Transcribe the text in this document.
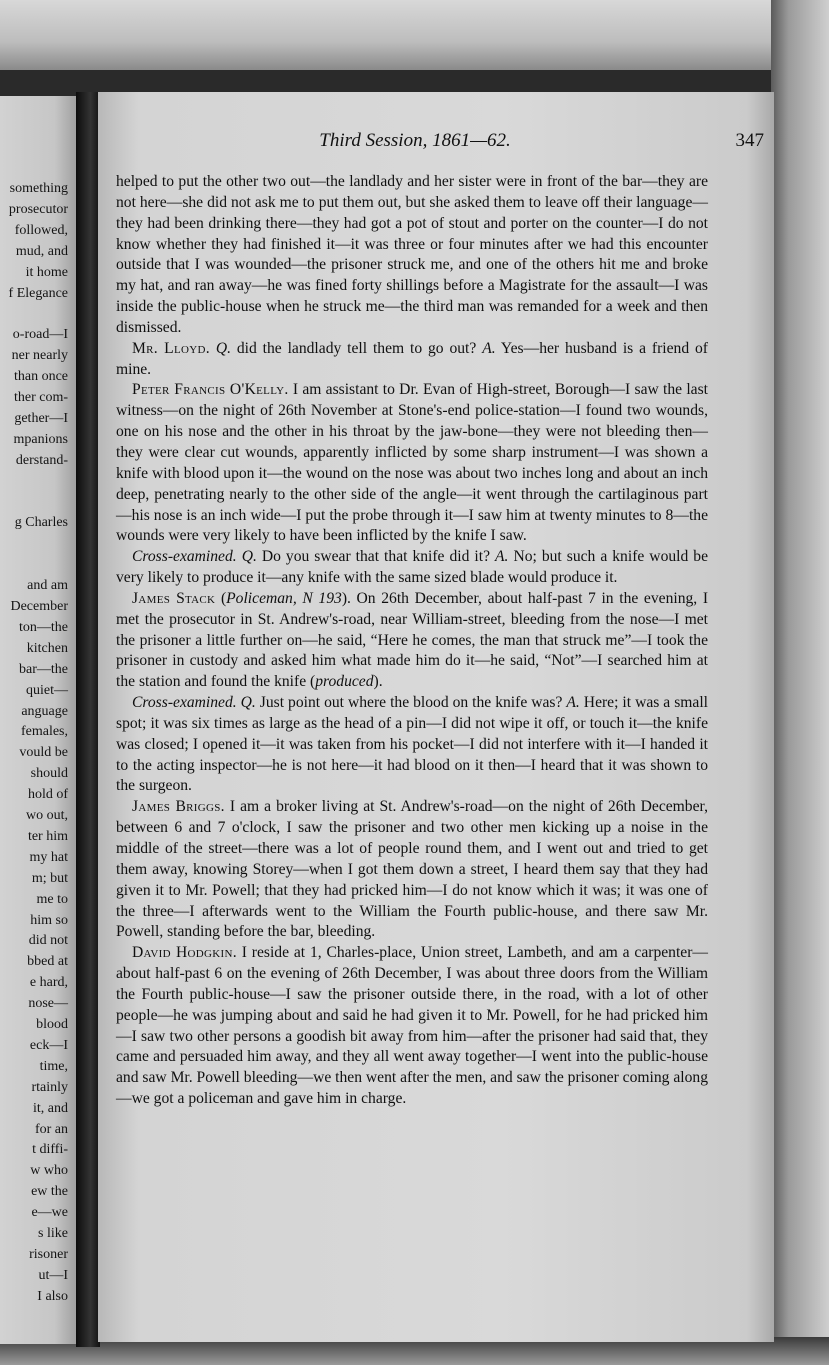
something
prosecutor
followed,
mud, and
it home
f Elegance
o-road—I
ner nearly
than once
ther com-
gether—I
mpanions
derstand-
g Charles
and am
December
ton—the
kitchen
bar—the
quiet—
anguage
females,
vould be
should
hold of
wo out,
ter him
my hat
m; but
me to
him so
did not
bbed at
e hard,
nose—
blood
eck—I
time,
rtainly
it, and
for an
t diffi-
w who
ew the
e—we
s like
risoner
ut—I
I also
Third Session, 1861—62.	347

helped to put the other two out—the landlady and her sister were in front of the bar—they are not here—she did not ask me to put them out, but she asked them to leave off their language—they had been drinking there—they had got a pot of stout and porter on the counter—I do not know whether they had finished it—it was three or four minutes after we had this encounter outside that I was wounded—the prisoner struck me, and one of the others hit me and broke my hat, and ran away—he was fined forty shillings before a Magistrate for the assault—I was inside the public-house when he struck me—the third man was remanded for a week and then dismissed.

Mr. Lloyd. Q. did the landlady tell them to go out? A. Yes—her husband is a friend of mine.

Peter Francis O'Kelly. I am assistant to Dr. Evan of High-street, Borough—I saw the last witness—on the night of 26th November at Stone's-end police-station—I found two wounds, one on his nose and the other in his throat by the jaw-bone—they were not bleeding then—they were clear cut wounds, apparently inflicted by some sharp instrument—I was shown a knife with blood upon it—the wound on the nose was about two inches long and about an inch deep, penetrating nearly to the other side of the angle—it went through the cartilaginous part—his nose is an inch wide—I put the probe through it—I saw him at twenty minutes to 8—the wounds were very likely to have been inflicted by the knife I saw.

Cross-examined. Q. Do you swear that that knife did it? A. No; but such a knife would be very likely to produce it—any knife with the same sized blade would produce it.

James Stack (Policeman, N 193). On 26th December, about half-past 7 in the evening, I met the prosecutor in St. Andrew's-road, near William-street, bleeding from the nose—I met the prisoner a little further on—he said, “Here he comes, the man that struck me”—I took the prisoner in custody and asked him what made him do it—he said, “Not”—I searched him at the station and found the knife (produced).

Cross-examined. Q. Just point out where the blood on the knife was? A. Here; it was a small spot; it was six times as large as the head of a pin—I did not wipe it off, or touch it—the knife was closed; I opened it—it was taken from his pocket—I did not interfere with it—I handed it to the acting inspector—he is not here—it had blood on it then—I heard that it was shown to the surgeon.

James Briggs. I am a broker living at St. Andrew's-road—on the night of 26th December, between 6 and 7 o'clock, I saw the prisoner and two other men kicking up a noise in the middle of the street—there was a lot of people round them, and I went out and tried to get them away, knowing Storey—when I got them down a street, I heard them say that they had given it to Mr. Powell; that they had pricked him—I do not know which it was; it was one of the three—I afterwards went to the William the Fourth public-house, and there saw Mr. Powell, standing before the bar, bleeding.

David Hodgkin. I reside at 1, Charles-place, Union street, Lambeth, and am a carpenter—about half-past 6 on the evening of 26th December, I was about three doors from the William the Fourth public-house—I saw the prisoner outside there, in the road, with a lot of other people—he was jumping about and said he had given it to Mr. Powell, for he had pricked him—I saw two other persons a goodish bit away from him—after the prisoner had said that, they came and persuaded him away, and they all went away together—I went into the public-house and saw Mr. Powell bleeding—we then went after the men, and saw the prisoner coming along—we got a policeman and gave him in charge.
